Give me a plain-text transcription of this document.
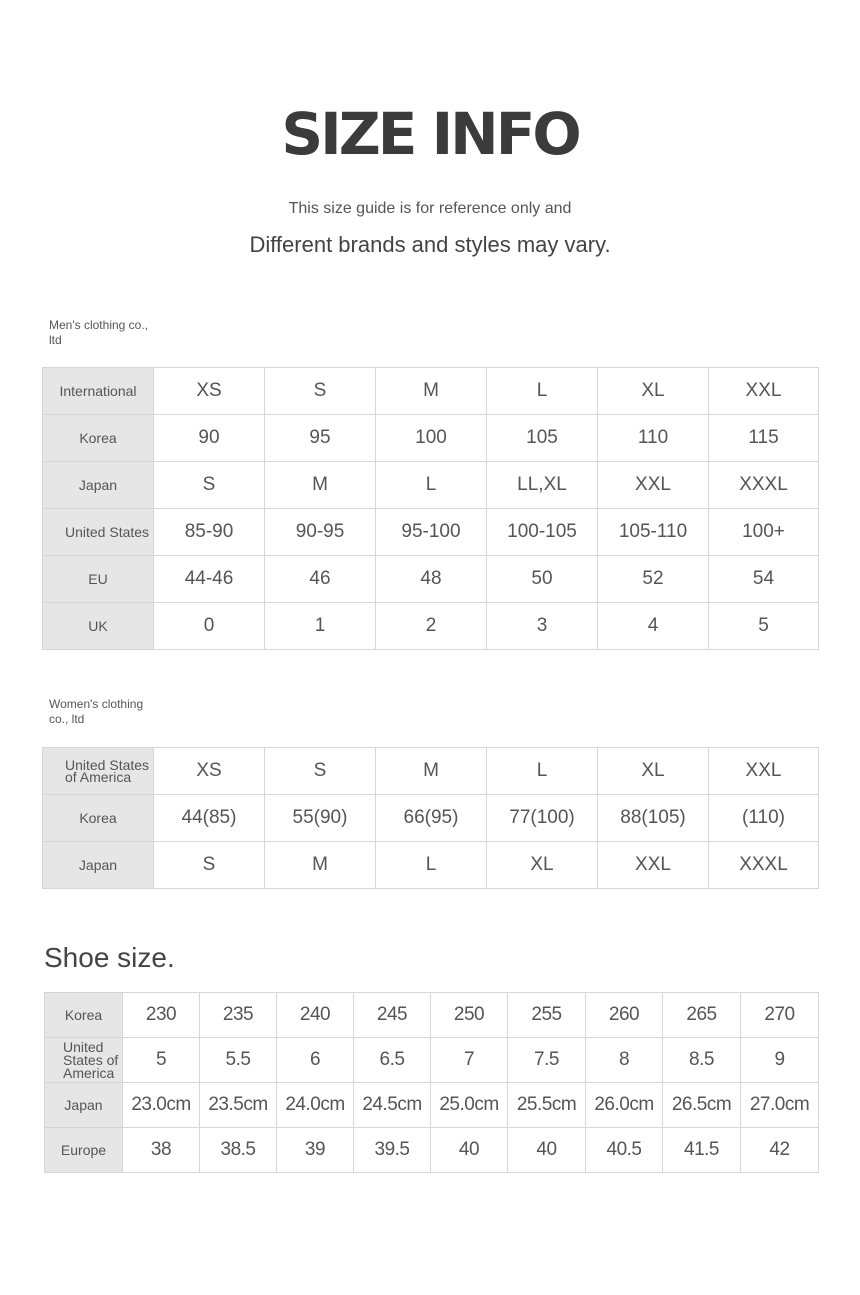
SIZE INFO
This size guide is for reference only and
Different brands and styles may vary.
Men's clothing co., ltd
International	XS	S	M	L	XL	XXL
Korea	90	95	100	105	110	115
Japan	S	M	L	LL,XL	XXL	XXXL
United States	85-90	90-95	95-100	100-105	105-110	100+
EU	44-46	46	48	50	52	54
UK	0	1	2	3	4	5
Women's clothing co., ltd
United States of America	XS	S	M	L	XL	XXL
Korea	44(85)	55(90)	66(95)	77(100)	88(105)	(110)
Japan	S	M	L	XL	XXL	XXXL
Shoe size.
Korea	230	235	240	245	250	255	260	265	270
United States of America	5	5.5	6	6.5	7	7.5	8	8.5	9
Japan	23.0cm	23.5cm	24.0cm	24.5cm	25.0cm	25.5cm	26.0cm	26.5cm	27.0cm
Europe	38	38.5	39	39.5	40	40	40.5	41.5	42
